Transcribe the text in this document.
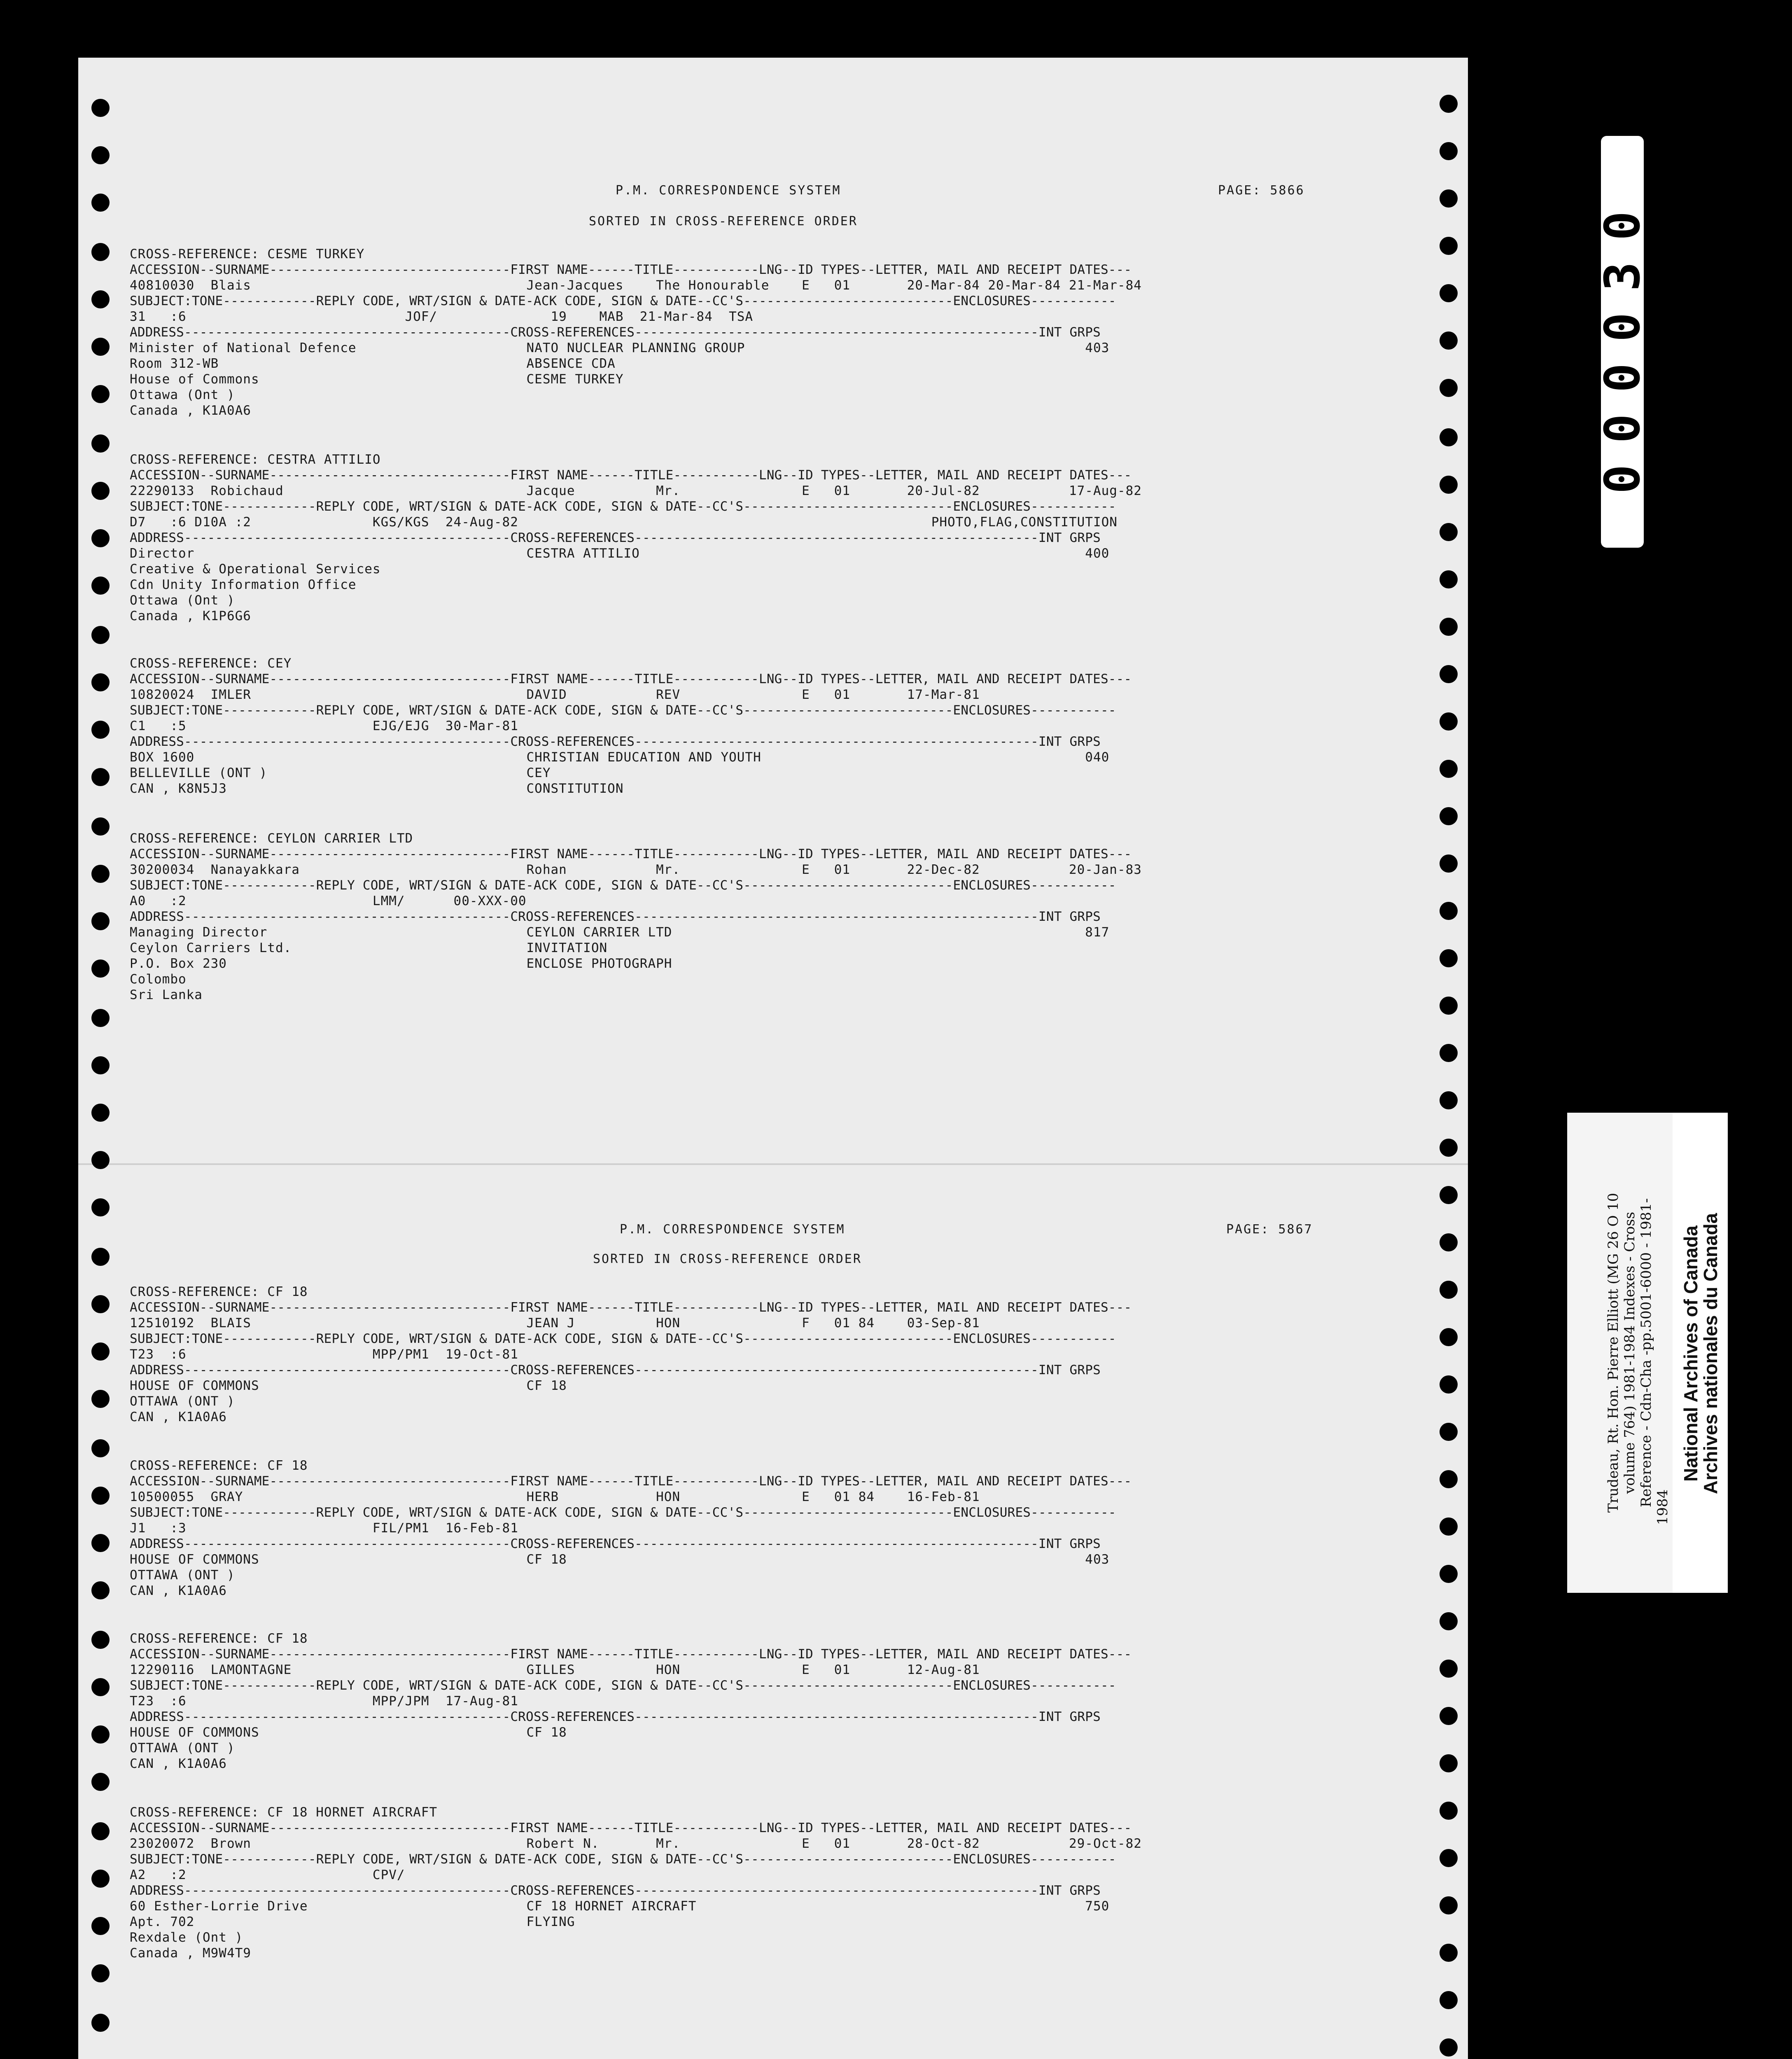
P.M. CORRESPONDENCE SYSTEM	PAGE: 5866
SORTED IN CROSS-REFERENCE ORDER
CROSS-REFERENCE: CESME TURKEY
ACCESSION--SURNAME-------------------------------FIRST NAME------TITLE-----------LNG--ID TYPES--LETTER, MAIL AND RECEIPT DATES---
40810030  Blais                                  Jean-Jacques    The Honourable    E   01       20-Mar-84 20-Mar-84 21-Mar-84
SUBJECT:TONE------------REPLY CODE, WRT/SIGN & DATE-ACK CODE, SIGN & DATE--CC'S---------------------------ENCLOSURES-----------
31   :6                           JOF/              19    MAB  21-Mar-84  TSA
ADDRESS------------------------------------------CROSS-REFERENCES----------------------------------------------------INT GRPS
Minister of National Defence                     NATO NUCLEAR PLANNING GROUP                                          403
Room 312-WB                                      ABSENCE CDA
House of Commons                                 CESME TURKEY
Ottawa (Ont )
Canada , K1A0A6
CROSS-REFERENCE: CESTRA ATTILIO
ACCESSION--SURNAME-------------------------------FIRST NAME------TITLE-----------LNG--ID TYPES--LETTER, MAIL AND RECEIPT DATES---
22290133  Robichaud                              Jacque          Mr.               E   01       20-Jul-82           17-Aug-82
SUBJECT:TONE------------REPLY CODE, WRT/SIGN & DATE-ACK CODE, SIGN & DATE--CC'S---------------------------ENCLOSURES-----------
D7   :6 D10A :2               KGS/KGS  24-Aug-82                                                   PHOTO,FLAG,CONSTITUTION
ADDRESS------------------------------------------CROSS-REFERENCES----------------------------------------------------INT GRPS
Director                                         CESTRA ATTILIO                                                       400
Creative & Operational Services
Cdn Unity Information Office
Ottawa (Ont )
Canada , K1P6G6
CROSS-REFERENCE: CEY
ACCESSION--SURNAME-------------------------------FIRST NAME------TITLE-----------LNG--ID TYPES--LETTER, MAIL AND RECEIPT DATES---
10820024  IMLER                                  DAVID           REV               E   01       17-Mar-81
SUBJECT:TONE------------REPLY CODE, WRT/SIGN & DATE-ACK CODE, SIGN & DATE--CC'S---------------------------ENCLOSURES-----------
C1   :5                       EJG/EJG  30-Mar-81
ADDRESS------------------------------------------CROSS-REFERENCES----------------------------------------------------INT GRPS
BOX 1600                                         CHRISTIAN EDUCATION AND YOUTH                                        040
BELLEVILLE (ONT )                                CEY
CAN , K8N5J3                                     CONSTITUTION
CROSS-REFERENCE: CEYLON CARRIER LTD
ACCESSION--SURNAME-------------------------------FIRST NAME------TITLE-----------LNG--ID TYPES--LETTER, MAIL AND RECEIPT DATES---
30200034  Nanayakkara                            Rohan           Mr.               E   01       22-Dec-82           20-Jan-83
SUBJECT:TONE------------REPLY CODE, WRT/SIGN & DATE-ACK CODE, SIGN & DATE--CC'S---------------------------ENCLOSURES-----------
A0   :2                       LMM/      00-XXX-00
ADDRESS------------------------------------------CROSS-REFERENCES----------------------------------------------------INT GRPS
Managing Director                                CEYLON CARRIER LTD                                                   817
Ceylon Carriers Ltd.                             INVITATION
P.O. Box 230                                     ENCLOSE PHOTOGRAPH
Colombo
Sri Lanka
P.M. CORRESPONDENCE SYSTEM	PAGE: 5867
SORTED IN CROSS-REFERENCE ORDER
CROSS-REFERENCE: CF 18
ACCESSION--SURNAME-------------------------------FIRST NAME------TITLE-----------LNG--ID TYPES--LETTER, MAIL AND RECEIPT DATES---
12510192  BLAIS                                  JEAN J          HON               F   01 84    03-Sep-81
SUBJECT:TONE------------REPLY CODE, WRT/SIGN & DATE-ACK CODE, SIGN & DATE--CC'S---------------------------ENCLOSURES-----------
T23  :6                       MPP/PM1  19-Oct-81
ADDRESS------------------------------------------CROSS-REFERENCES----------------------------------------------------INT GRPS
HOUSE OF COMMONS                                 CF 18
OTTAWA (ONT )
CAN , K1A0A6
CROSS-REFERENCE: CF 18
ACCESSION--SURNAME-------------------------------FIRST NAME------TITLE-----------LNG--ID TYPES--LETTER, MAIL AND RECEIPT DATES---
10500055  GRAY                                   HERB            HON               E   01 84    16-Feb-81
SUBJECT:TONE------------REPLY CODE, WRT/SIGN & DATE-ACK CODE, SIGN & DATE--CC'S---------------------------ENCLOSURES-----------
J1   :3                       FIL/PM1  16-Feb-81
ADDRESS------------------------------------------CROSS-REFERENCES----------------------------------------------------INT GRPS
HOUSE OF COMMONS                                 CF 18                                                                403
OTTAWA (ONT )
CAN , K1A0A6
CROSS-REFERENCE: CF 18
ACCESSION--SURNAME-------------------------------FIRST NAME------TITLE-----------LNG--ID TYPES--LETTER, MAIL AND RECEIPT DATES---
12290116  LAMONTAGNE                             GILLES          HON               E   01       12-Aug-81
SUBJECT:TONE------------REPLY CODE, WRT/SIGN & DATE-ACK CODE, SIGN & DATE--CC'S---------------------------ENCLOSURES-----------
T23  :6                       MPP/JPM  17-Aug-81
ADDRESS------------------------------------------CROSS-REFERENCES----------------------------------------------------INT GRPS
HOUSE OF COMMONS                                 CF 18
OTTAWA (ONT )
CAN , K1A0A6
CROSS-REFERENCE: CF 18 HORNET AIRCRAFT
ACCESSION--SURNAME-------------------------------FIRST NAME------TITLE-----------LNG--ID TYPES--LETTER, MAIL AND RECEIPT DATES---
23020072  Brown                                  Robert N.       Mr.               E   01       28-Oct-82           29-Oct-82
SUBJECT:TONE------------REPLY CODE, WRT/SIGN & DATE-ACK CODE, SIGN & DATE--CC'S---------------------------ENCLOSURES-----------
A2   :2                       CPV/
ADDRESS------------------------------------------CROSS-REFERENCES----------------------------------------------------INT GRPS
60 Esther-Lorrie Drive                           CF 18 HORNET AIRCRAFT                                                750
Apt. 702                                         FLYING
Rexdale (Ont )
Canada , M9W4T9
000030
Trudeau, Rt. Hon. Pierre Elliott (MG 26 O 10 volume 764) 1981-1984 Indexes - Cross Reference - Cdn-Cha -pp.5001-6000 - 1981- 1984
National Archives of Canada
Archives nationales du Canada
